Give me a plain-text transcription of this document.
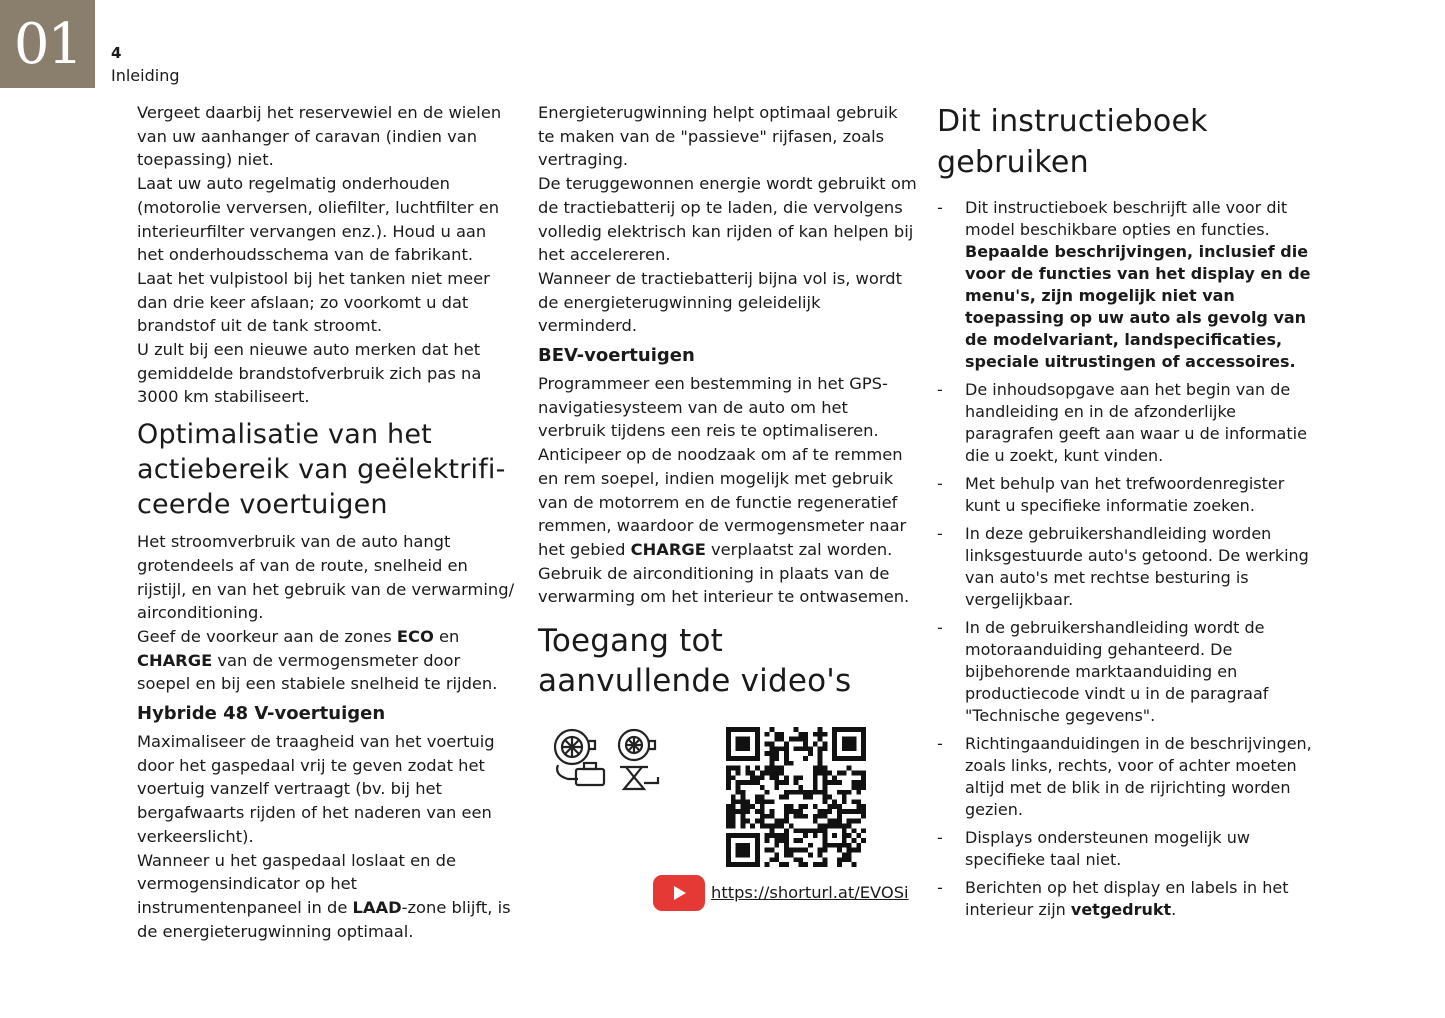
01 4
Inleiding

Vergeet daarbij het reservewiel en de wielen van uw aanhanger of caravan (indien van toepassing) niet.

Laat uw auto regelmatig onderhouden (motorolie verversen, oliefilter, luchtfilter en interieurfilter vervangen enz.). Houd u aan het onderhoudsschema van de fabrikant.

Laat het vulpistool bij het tanken niet meer dan drie keer afslaan; zo voorkomt u dat brandstof uit de tank stroomt.

U zult bij een nieuwe auto merken dat het gemiddelde brandstofverbruik zich pas na 3000 km stabiliseert.

Optimalisatie van het actiebereik van geëlektrifi-ceerde voertuigen

Het stroomverbruik van de auto hangt grotendeels af van de route, snelheid en rijstijl, en van het gebruik van de verwarming/ airconditioning.

Geef de voorkeur aan de zones ECO en CHARGE van de vermogensmeter door soepel en bij een stabiele snelheid te rijden.

Hybride 48 V-voertuigen

Maximaliseer de traagheid van het voertuig door het gaspedaal vrij te geven zodat het voertuig vanzelf vertraagt (bv. bij het bergafwaarts rijden of het naderen van een verkeerslicht).

Wanneer u het gaspedaal loslaat en de vermogensindicator op het instrumentenpaneel in de LAAD-zone blijft, is de energieterugwinning optimaal.

Energieterugwinning helpt optimaal gebruik te maken van de "passieve" rijfasen, zoals vertraging.

De teruggewonnen energie wordt gebruikt om de tractiebatterij op te laden, die vervolgens volledig elektrisch kan rijden of kan helpen bij het accelereren.

Wanneer de tractiebatterij bijna vol is, wordt de energieterugwinning geleidelijk verminderd.

BEV-voertuigen

Programmeer een bestemming in het GPS-navigatiesysteem van de auto om het verbruik tijdens een reis te optimaliseren.

Anticipeer op de noodzaak om af te remmen en rem soepel, indien mogelijk met gebruik van de motorrem en de functie regeneratief remmen, waardoor de vermogensmeter naar het gebied CHARGE verplaatst zal worden.

Gebruik de airconditioning in plaats van de verwarming om het interieur te ontwasemen.

Toegang tot aanvullende video's
https://shorturl.at/EVOSi
Dit instructieboek gebruiken
- Dit instructieboek beschrijft alle voor dit model beschikbare opties en functies. Bepaalde beschrijvingen, inclusief die voor de functies van het display en de menu's, zijn mogelijk niet van toepassing op uw auto als gevolg van de modelvariant, landspecificaties, speciale uitrustingen of accessoires.
- De inhoudsopgave aan het begin van de handleiding en in de afzonderlijke paragrafen geeft aan waar u de informatie die u zoekt, kunt vinden.
- Met behulp van het trefwoordenregister kunt u specifieke informatie zoeken.
- In deze gebruikershandleiding worden linksgestuurde auto's getoond. De werking van auto's met rechtse besturing is vergelijkbaar.
- In de gebruikershandleiding wordt de motoraanduiding gehanteerd. De bijbehorende marktaanduiding en productiecode vindt u in de paragraaf "Technische gegevens".
- Richtingaanduidingen in de beschrijvingen, zoals links, rechts, voor of achter moeten altijd met de blik in de rijrichting worden gezien.
- Displays ondersteunen mogelijk uw specifieke taal niet.
- Berichten op het display en labels in het interieur zijn vetgedrukt.
